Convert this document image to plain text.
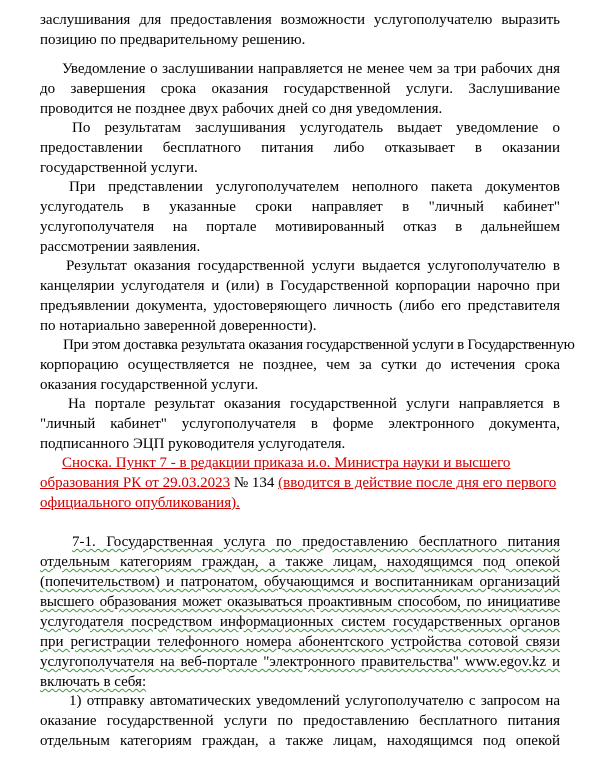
заслушивания для предоставления возможности услугополучателю выразить
позицию по предварительному решению.
Уведомление о заслушивании направляется не менее чем за три рабочих дня
до завершения срока оказания государственной услуги. Заслушивание
проводится не позднее двух рабочих дней со дня уведомления.
По результатам заслушивания услугодатель выдает уведомление о
предоставлении бесплатного питания либо отказывает в оказании
государственной услуги.
При представлении услугополучателем неполного пакета документов
услугодатель в указанные сроки направляет в "личный кабинет"
услугополучателя на портале мотивированный отказ в дальнейшем
рассмотрении заявления.
Результат оказания государственной услуги выдается услугополучателю в
канцелярии услугодателя и (или) в Государственной корпорации нарочно при
предъявлении документа, удостоверяющего личность (либо его представителя
по нотариально заверенной доверенности).
При этом доставка результата оказания государственной услуги в Государственную
корпорацию осуществляется не позднее, чем за сутки до истечения срока
оказания государственной услуги.
На портале результат оказания государственной услуги направляется в
"личный кабинет" услугополучателя в форме электронного документа,
подписанного ЭЦП руководителя услугодателя.
Сноска. Пункт 7 - в редакции приказа и.о. Министра науки и высшего
образования РК от 29.03.2023 № 134 (вводится в действие после дня его первого
официального опубликования).
7-1. Государственная услуга по предоставлению бесплатного питания
отдельным категориям граждан, а также лицам, находящимся под опекой
(попечительством) и патронатом, обучающимся и воспитанникам организаций
высшего образования может оказываться проактивным способом, по инициативе
услугодателя посредством информационных систем государственных органов
при регистрации телефонного номера абонентского устройства сотовой связи
услугополучателя на веб-портале "электронного правительства" www.egov.kz и
включать в себя:
1) отправку автоматических уведомлений услугополучателю с запросом на
оказание государственной услуги по предоставлению бесплатного питания
отдельным категориям граждан, а также лицам, находящимся под опекой
